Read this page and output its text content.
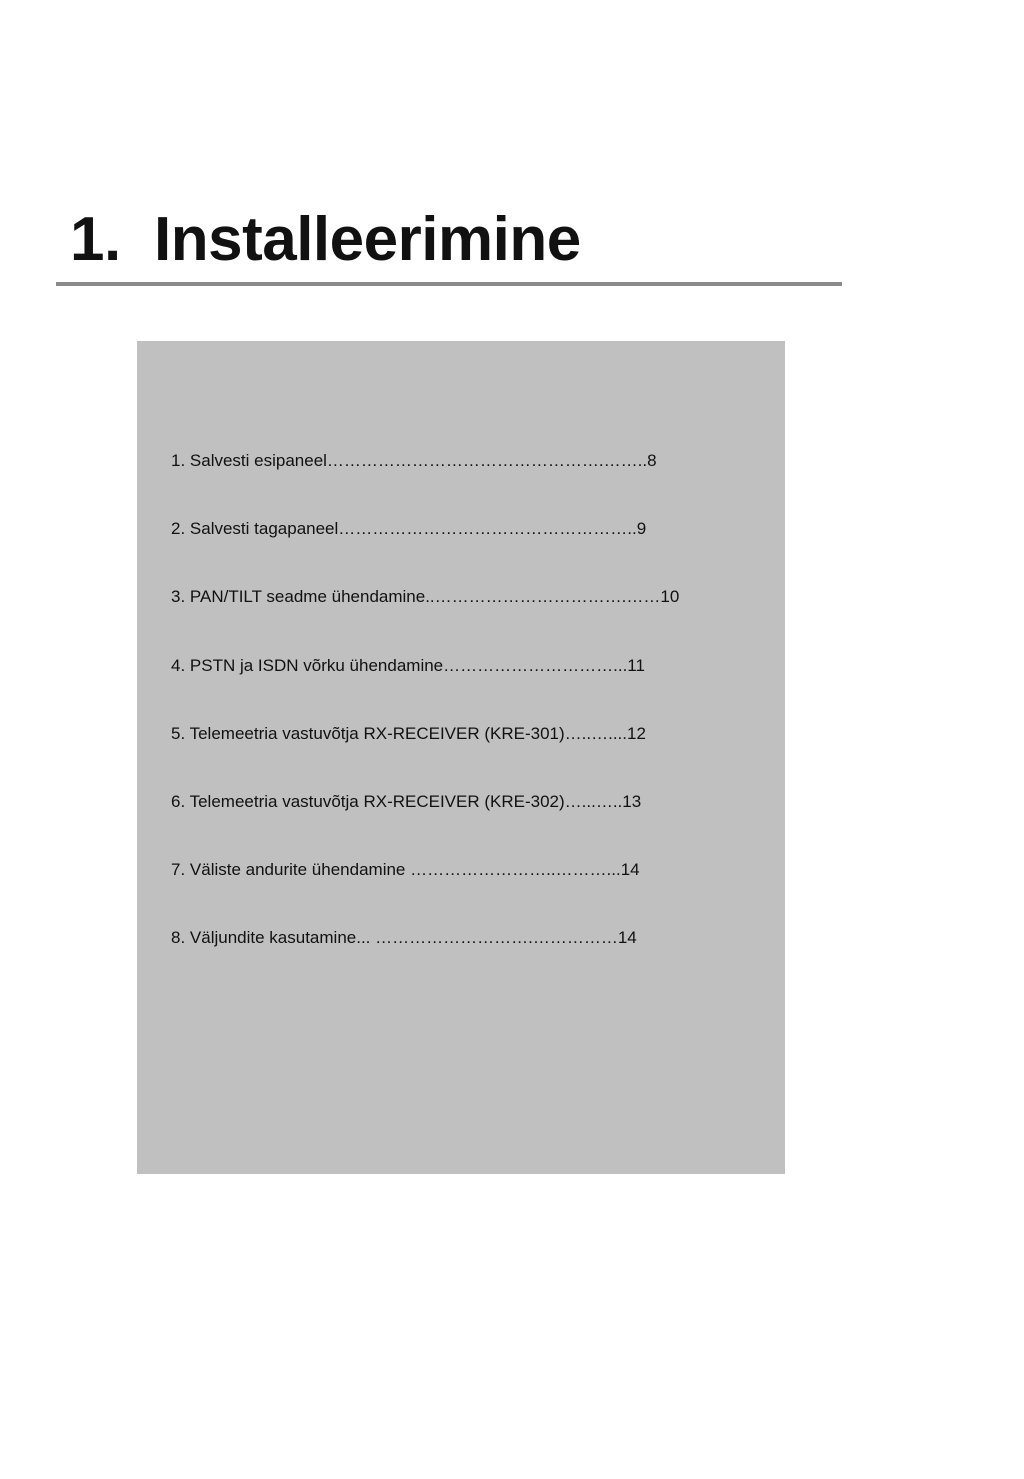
1. Installeerimine
1. Salvesti esipaneel………………………………………….……..8
2. Salvesti tagapaneel……………………………………………..9
3. PAN/TILT seadme ühendamine..…………………………….……10
4. PSTN ja ISDN võrku ühendamine…………………………...11
5. Telemeetria vastuvõtja RX-RECEIVER (KRE-301)…..…....12
6. Telemeetria vastuvõtja RX-RECEIVER (KRE-302)…...…..13
7. Väliste andurite ühendamine ……………………..………...14
8. Väljundite kasutamine... ……………………….……………14
